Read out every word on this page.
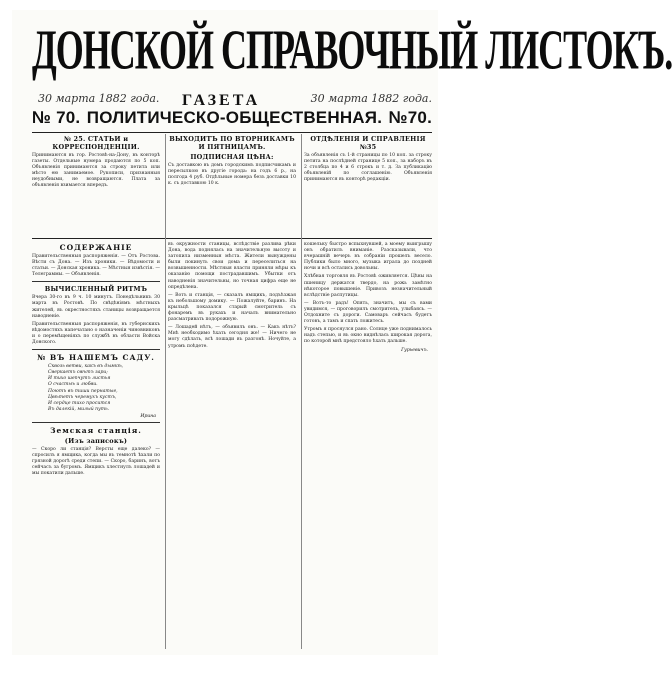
ДОНСКОЙ СПРАВОЧНЫЙ ЛИСТОКЪ.
30 марта 1882 года. ГАЗЕТА	30 марта 1882 года.
№ 70. ПОЛИТИЧЕСКО-ОБЩЕСТВЕННАЯ. №70.
№ 25. СТАТЬИ и КОРРЕСПОНДЕНЦІИ.
Принимаются въ гор. Ростовѣ-на-Дону, въ конторѣ газеты. Отдельные нумера продаются по 5 коп. Объявленія принимаются за строку петита или мѣсто ею занимаемое. Рукописи, признанныя неудобными, не возвращаются. Плата за объявленія взимается впередъ.
ВЫХОДИТЪ ПО ВТОРНИКАМЪ И ПЯТНИЦАМЪ.
ПОДПИСНАЯ ЦѢНА:
Съ доставкою въ домъ городскимъ подписчикамъ и пересылкою въ другіе города: на годъ 6 р., на полгода 4 руб. Отдѣльные номера безъ доставки 10 к. съ доставкою 10 к.
ОТДѢЛЕНІЯ И СПРАВЛЕНІЯ №35
За объявленія съ 1-й страницы по 10 коп. за строку петита на послѣдней странице 5 коп., за наборъ въ 2 столбца по 4 и 6 строкъ и т. д. За публикацію объявленій по соглашенію. Объявленія принимаются въ конторѣ редакціи.
СОДЕРЖАНІЕ
Правительственныя распоряженія. — Отъ Ростова. Вѣсти съ Дона. — Изъ хроники. — Вѣдомости и статьи. — Донская хроника. — Мѣстныя извѣстія. — Телеграммы. — Объявленія.
ВЫЧИСЛЕННЫЙ РИТМЪ
Вчера 30-го въ 9 ч. 10 минутъ. Понедѣльникъ 30 марта въ Ростовѣ. По свѣдѣніямъ мѣстныхъ жителей, въ окрестностяхъ станицы возвращается наводненіе.
Правительственныя распоряженія, въ губернскихъ вѣдомостяхъ напечатано о назначеніи чиновниковъ и о перемѣщеніяхъ по службѣ въ области Войска Донского.
№ ВЪ НАШЕМЪ САДУ.
Сквозь ветви, какъ въ дымкѣ,
Сверкаетъ свѣтъ зари;
И тихо шепчутъ листья
О счастьѣ и любви.
Поютъ въ тиши пернатые,
Цвѣтетъ черемухъ кустъ,
И сердце тихо просится
Въ далекій, милый путь.
Ирина
Земская станція.
(Изъ записокъ)
— Скоро ли станція? Версты еще далеко? — спросилъ я ямщика, когда мы въ темнотѣ ѣхали по грязной дорогѣ среди степи. — Скоро, баринъ, вотъ сейчасъ за бугромъ. Ямщикъ хлестнулъ лошадей и мы покатили дальше.
въ окружности станицы, вслѣдствіе разлива рѣки Дона, вода поднялась на значительную высоту и затопила низменныя мѣста. Жители вынуждены были покинуть свои дома и переселиться на возвышенности. Мѣстныя власти приняли мѣры къ оказанію помощи пострадавшимъ. Убытки отъ наводненія значительны, но точная цифра еще не опредѣлена.
— Вотъ и станція, — сказалъ ямщикъ, подъѣзжая къ небольшому домику. — Пожалуйте, баринъ. На крыльцѣ показался старый смотритель съ фонаремъ въ рукахъ и началъ внимательно разсматривать подорожную.
— Лошадей нѣтъ, — объявилъ онъ. — Какъ нѣтъ? Мнѣ необходимо ѣхать сегодня же! — Ничего не могу сдѣлать, всѣ лошади въ разгонѣ. Ночуйте, а утромъ поѣдете.
кошельку быстро вспыхнувшей, а моему выигрышу онъ обратилъ вниманіе. Разсказывали, что вчерашній вечеръ въ собраніи прошелъ весело. Публики было много, музыка играла до поздней ночи и всѣ остались довольны.
Хлѣбная торговля въ Ростовѣ оживляется. Цѣны на пшеницу держатся твердо, на рожь замѣтно нѣкоторое повышеніе. Привозъ незначительный вслѣдствіе распутицы.
— Вотъ-то радъ! Опять, значитъ, мы съ вами увидимся, — проговорилъ смотритель, улыбаясь. — Отдохните съ дороги. Самоваръ сейчасъ будетъ готовъ, а тамъ и спать ложитесь.
Утромъ я проснулся рано. Солнце уже поднималось надъ степью, и въ окно виднѣлась широкая дорога, по которой мнѣ предстояло ѣхать дальше.
Гурьевичъ.
